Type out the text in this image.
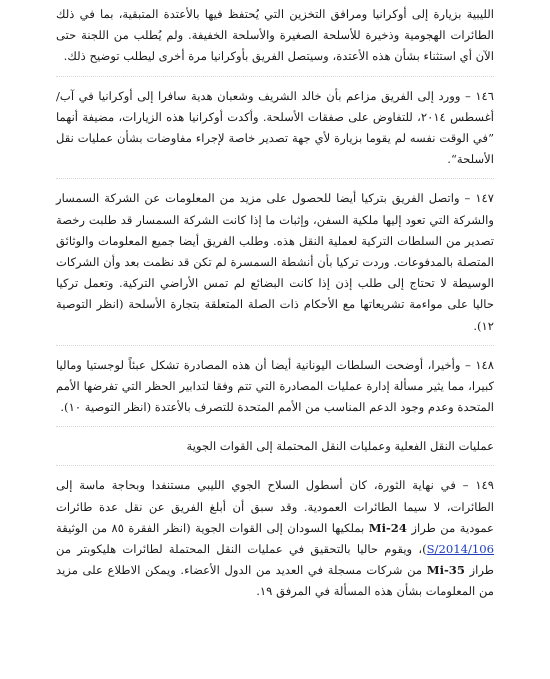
الليبية بزيارة إلى أوكرانيا ومرافق التخزين التي يُحتفظ فيها بالأعتدة المتبقية، بما في ذلك الطائرات الهجومية وذخيرة للأسلحة الصغيرة والأسلحة الخفيفة. ولم يُطلب من اللجنة حتى الآن أي استثناء بشأن هذه الأعتدة، وسيتصل الفريق بأوكرانيا مرة أخرى ليطلب توضيح ذلك.

١٤٦ – وورد إلى الفريق مزاعم بأن خالد الشريف وشعبان هدية سافرا إلى أوكرانيا في آب/أغسطس ٢٠١٤، للتفاوض على صفقات الأسلحة. وأكدت أوكرانيا هذه الزيارات، مضيفة أنهما ”في الوقت نفسه لم يقوما بزيارة لأي جهة تصدير خاصة لإجراء مفاوضات بشأن عمليات نقل الأسلحة“.

١٤٧ – واتصل الفريق بتركيا أيضا للحصول على مزيد من المعلومات عن الشركة السمسار والشركة التي تعود إليها ملكية السفن، وإثبات ما إذا كانت الشركة السمسار قد طلبت رخصة تصدير من السلطات التركية لعملية النقل هذه. وطلب الفريق أيضا جميع المعلومات والوثائق المتصلة بالمدفوعات. وردت تركيا بأن أنشطة السمسرة لم تكن قد نظمت بعد وأن الشركات الوسيطة لا تحتاج إلى طلب إذن إذا كانت البضائع لم تمس الأراضي التركية. وتعمل تركيا حاليا على مواءمة تشريعاتها مع الأحكام ذات الصلة المتعلقة بتجارة الأسلحة (انظر التوصية ١٢).

١٤٨ – وأخيرا، أوضحت السلطات اليونانية أيضا أن هذه المصادرة تشكل عبئاً لوجستيا وماليا كبيرا، مما يثير مسألة إدارة عمليات المصادرة التي تتم وفقا لتدابير الحظر التي تفرضها الأمم المتحدة وعدم وجود الدعم المناسب من الأمم المتحدة للتصرف بالأعتدة (انظر التوصية ١٠).

عمليات النقل الفعلية وعمليات النقل المحتملة إلى القوات الجوية

١٤٩ – في نهاية الثورة، كان أسطول السلاح الجوي الليبي مستنفدا وبحاجة ماسة إلى الطائرات، لا سيما الطائرات العمودية. وقد سبق أن أبلغ الفريق عن نقل عدة طائرات عمودية من طراز Mi-24 بملكيها السودان إلى القوات الجوية (انظر الفقرة ٨٥ من الوثيقة S/2014/106)، ويقوم حاليا بالتحقيق في عمليات النقل المحتملة لطائرات هليكوبتر من طراز Mi-35 من شركات مسجلة في العديد من الدول الأعضاء. ويمكن الاطلاع على مزيد من المعلومات بشأن هذه المسألة في المرفق ١٩.
